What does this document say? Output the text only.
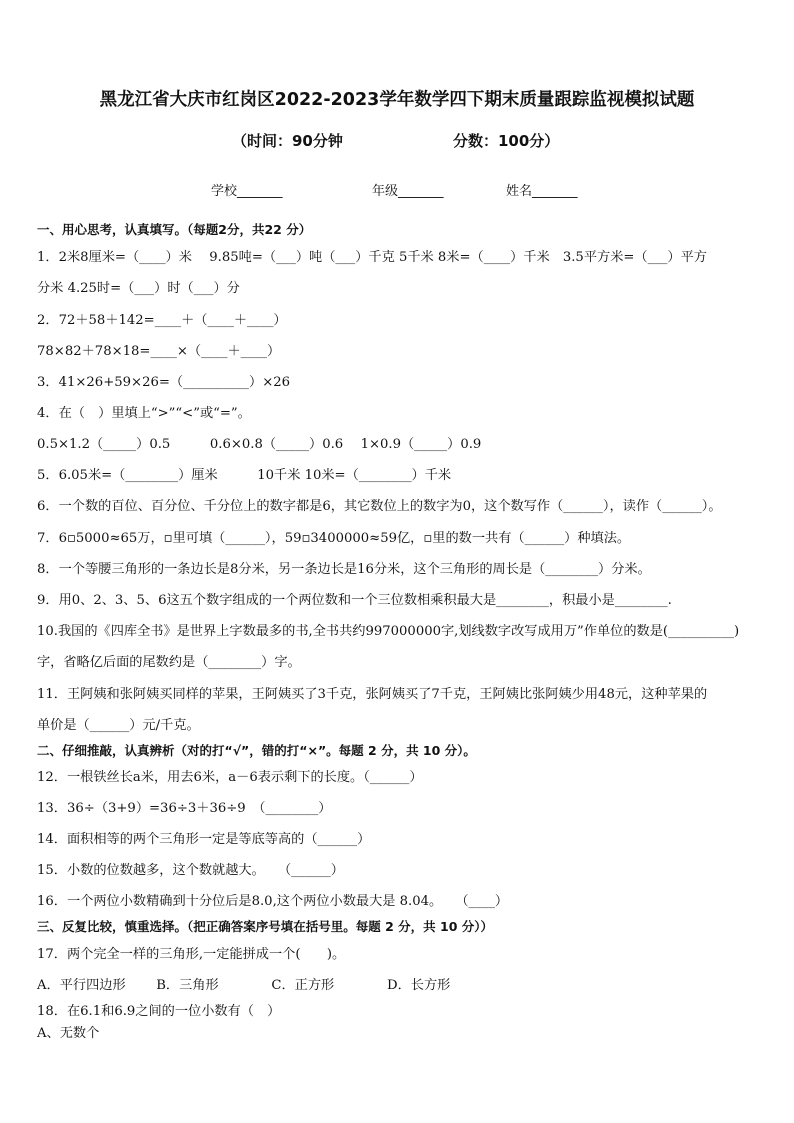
黑龙江省大庆市红岗区2022-2023学年数学四下期末质量跟踪监视模拟试题
（时间：90分钟	分数：100分）
学校_______	年级_______	姓名_______
一、用心思考，认真填写。（每题2分，共22 分）
1．2米8厘米=（____）米　 9.85吨=（___）吨（___）千克 5千米 8米=（____）千米　3.5平方米=（___）平方
分米 4.25时=（___）时（___）分
2．72＋58＋142=____＋（____＋____）
78×82＋78×18=____×（____＋____）
3．41×26+59×26=（__________）×26
4．在（　）里填上“>”“<”或“=”。
0.5×1.2（_____）0.5　　　0.6×0.8（_____）0.6　 1×0.9（_____）0.9
5．6.05米=（________）厘米　　　10千米 10米=（________）千米
6．一个数的百位、百分位、千分位上的数字都是6，其它数位上的数字为0，这个数写作（______），读作（______）。
7．6▫5000≈65万，▫里可填（______），59▫3400000≈59亿，▫里的数一共有（______）种填法。
8．一个等腰三角形的一条边长是8分米，另一条边长是16分米，这个三角形的周长是（________）分米。
9．用0、2、3、5、6这五个数字组成的一个两位数和一个三位数相乘积最大是________，积最小是________.
10.我国的《四库全书》是世界上字数最多的书,全书共约997000000字,划线数字改写成用万”作单位的数是(__________)
字，省略亿后面的尾数约是（________）字。
11．王阿姨和张阿姨买同样的苹果，王阿姨买了3千克，张阿姨买了7千克，王阿姨比张阿姨少用48元，这种苹果的
单价是（______）元/千克。
二、仔细推敲，认真辨析（对的打“√”，错的打“×”。每题 2 分，共 10 分）。
12．一根铁丝长a米，用去6米，a－6表示剩下的长度。（______）
13．36÷（3+9）=36÷3＋36÷9　（________）
14．面积相等的两个三角形一定是等底等高的（______）
15．小数的位数越多，这个数就越大。　　（______）
16．一个两位小数精确到十分位后是8.0,这个两位小数最大是 8.04。　　（____）
三、反复比较，慎重选择。（把正确答案序号填在括号里。每题 2 分，共 10 分））
17．两个完全一样的三角形,一定能拼成一个(　　)。
A．平行四边形　　 B．三角形　　　　C．正方形　　　　D．长方形
18．在6.1和6.9之间的一位小数有（　）
A、无数个
